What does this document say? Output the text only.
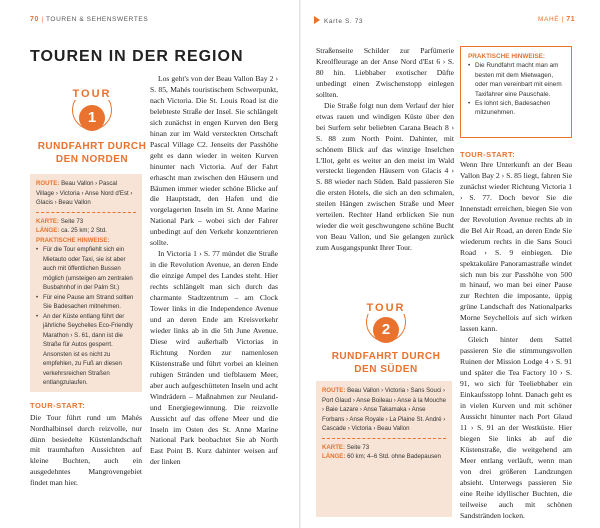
70 | TOUREN & SEHENSWERTES
TOUREN IN DER REGION
TOUR
1
RUNDFAHRT DURCH
DEN NORDEN
ROUTE: Beau Vallon › Pascal Village › Victoria › Anse Nord d'Est › Glacis › Beau Vallon
KARTE: Seite 73
LÄNGE: ca. 25 km; 2 Std.
PRAKTISCHE HINWEISE:
• Für die Tour empfiehlt sich ein Mietauto oder Taxi, sie ist aber auch mit öffentlichen Bussen möglich (umsteigen am zentralen Busbahnhof in der Palm St.)
• Für eine Pause am Strand sollten Sie Badesachen mitnehmen.
• An der Küste entlang führt der jährliche Seychelles Eco-Friendly Marathon › S. 61, dann ist die Straße für Autos gesperrt. Ansonsten ist es nicht zu empfehlen, zu Fuß an diesen verkehrsreichen Straßen entlangzulaufen.
TOUR-START:
Die Tour führt rund um Mahés Nordhalbinsel durch reizvolle, nur dünn besiedelte Küstenlandschaft mit traumhaften Aussichten auf kleine Buchten, auch ein ausgedehntes Mangrovengebiet findet man hier.

Los geht's von der Beau Vallon Bay 2 › S. 85, Mahés touristischem Schwerpunkt, nach Victoria. Die St. Louis Road ist die belebteste Straße der Insel. Sie schlängelt sich zunächst in engen Kurven den Berg hinan zur im Wald versteckten Ortschaft Pascal Village C2. Jenseits der Passhöhe geht es dann wieder in weiten Kurven hinunter nach Victoria. Auf der Fahrt erhascht man zwischen den Häusern und Bäumen immer wieder schöne Blicke auf die Hauptstadt, den Hafen und die vorgelagerten Inseln im St. Anne Marine National Park – wobei sich der Fahrer unbedingt auf den Verkehr konzentrieren sollte.

In Victoria 1 › S. 77 mündet die Straße in die Revolution Avenue, an deren Ende die einzige Ampel des Landes steht. Hier rechts schlängelt man sich durch das charmante Stadtzentrum – am Clock Tower links in die Independence Avenue und an deren Ende am Kreisverkehr wieder links ab in die 5th June Avenue. Diese wird außerhalb Victorias in Richtung Norden zur namenlosen Küstenstraße und führt vorbei an kleinen ruhigen Stränden und tiefblauem Meer, aber auch aufgeschütteten Inseln und acht Windrädern – Maßnahmen zur Neuland- und Energiegewinnung. Die reizvolle Aussicht auf das offene Meer und die Inseln im Osten des St. Anne Marine National Park beobachtet Sie ab North East Point B. Kurz dahinter weisen auf der linken

Karte S. 73	MAHÉ | 71

Straßenseite Schilder zur Parfümerie Kreolfleurage an der Anse Nord d'Est 6 › S. 80 hin. Liebhaber exotischer Düfte unbedingt einen Zwischenstopp einlegen sollten.

Die Straße folgt nun dem Verlauf der hier etwas rauen und windigen Küste über den bei Surfern sehr beliebten Carana Beach 8 › S. 88 zum North Point. Dahinter, mit schönem Blick auf das winzige Inselchen L'Ilot, geht es weiter an den meist im Wald versteckt liegenden Häusern von Glacis 4 › S. 88 wieder nach Süden. Bald passieren Sie die ersten Hotels, die sich an den schmalen, steilen Hängen zwischen Straße und Meer verteilen. Rechter Hand erblicken Sie nun wieder die weit geschwungene schöne Bucht von Beau Vallon, und Sie gelangen zurück zum Ausgangspunkt Ihrer Tour.

PRAKTISCHE HINWEISE:
• Die Rundfahrt macht man am besten mit dem Mietwagen, oder man vereinbart mit einem Taxifahrer eine Pauschale.
• Es lohnt sich, Badesachen mitzunehmen.
TOUR-START:

Wenn Ihre Unterkunft an der Beau Vallon Bay 2 › S. 85 liegt, fahren Sie zunächst wieder Richtung Victoria 1 › S. 77. Doch bevor Sie die Innenstadt erreichen, biegen Sie von der Revolution Avenue rechts ab in die Bel Air Road, an deren Ende Sie wiederum rechts in die Sans Souci Road › S. 9 einbiegen. Die spektakuläre Panoramastraße windet sich nun bis zur Passhöhe von 500 m hinauf, wo man bei einer Pause zur Rechten die imposante, üppig grüne Landschaft des Nationalparks Morne Seychellois auf sich wirken lassen kann.

Gleich hinter dem Sattel passieren Sie die stimmungsvollen Ruinen der Mission Lodge 4 › S. 91 und später die Tea Factory 10 › S. 91, wo sich für Teeliebhaber ein Einkaufsstopp lohnt. Danach geht es in vielen Kurven und mit schöner Aussicht hinunter nach Port Glaud 11 › S. 91 an der Westküste. Hier biegen Sie links ab auf die Küstenstraße, die weitgehend am Meer entlang verläuft, wenn man von drei größeren Landzungen absieht. Unterwegs passieren Sie eine Reihe idyllischer Buchten, die teilweise auch mit schönen Sandstränden locken.

TOUR
2
RUNDFAHRT DURCH
DEN SÜDEN
ROUTE: Beau Vallon › Victoria › Sans Souci › Port Glaud › Anse Boileau › Anse à la Mouche › Baie Lazare › Anse Takamaka › Anse Forbans › Anse Royale › La Plaine St. André › Cascade › Victoria › Beau Vallon
KARTE: Seite 73
LÄNGE: 60 km; 4–6 Std. ohne Badepausen
